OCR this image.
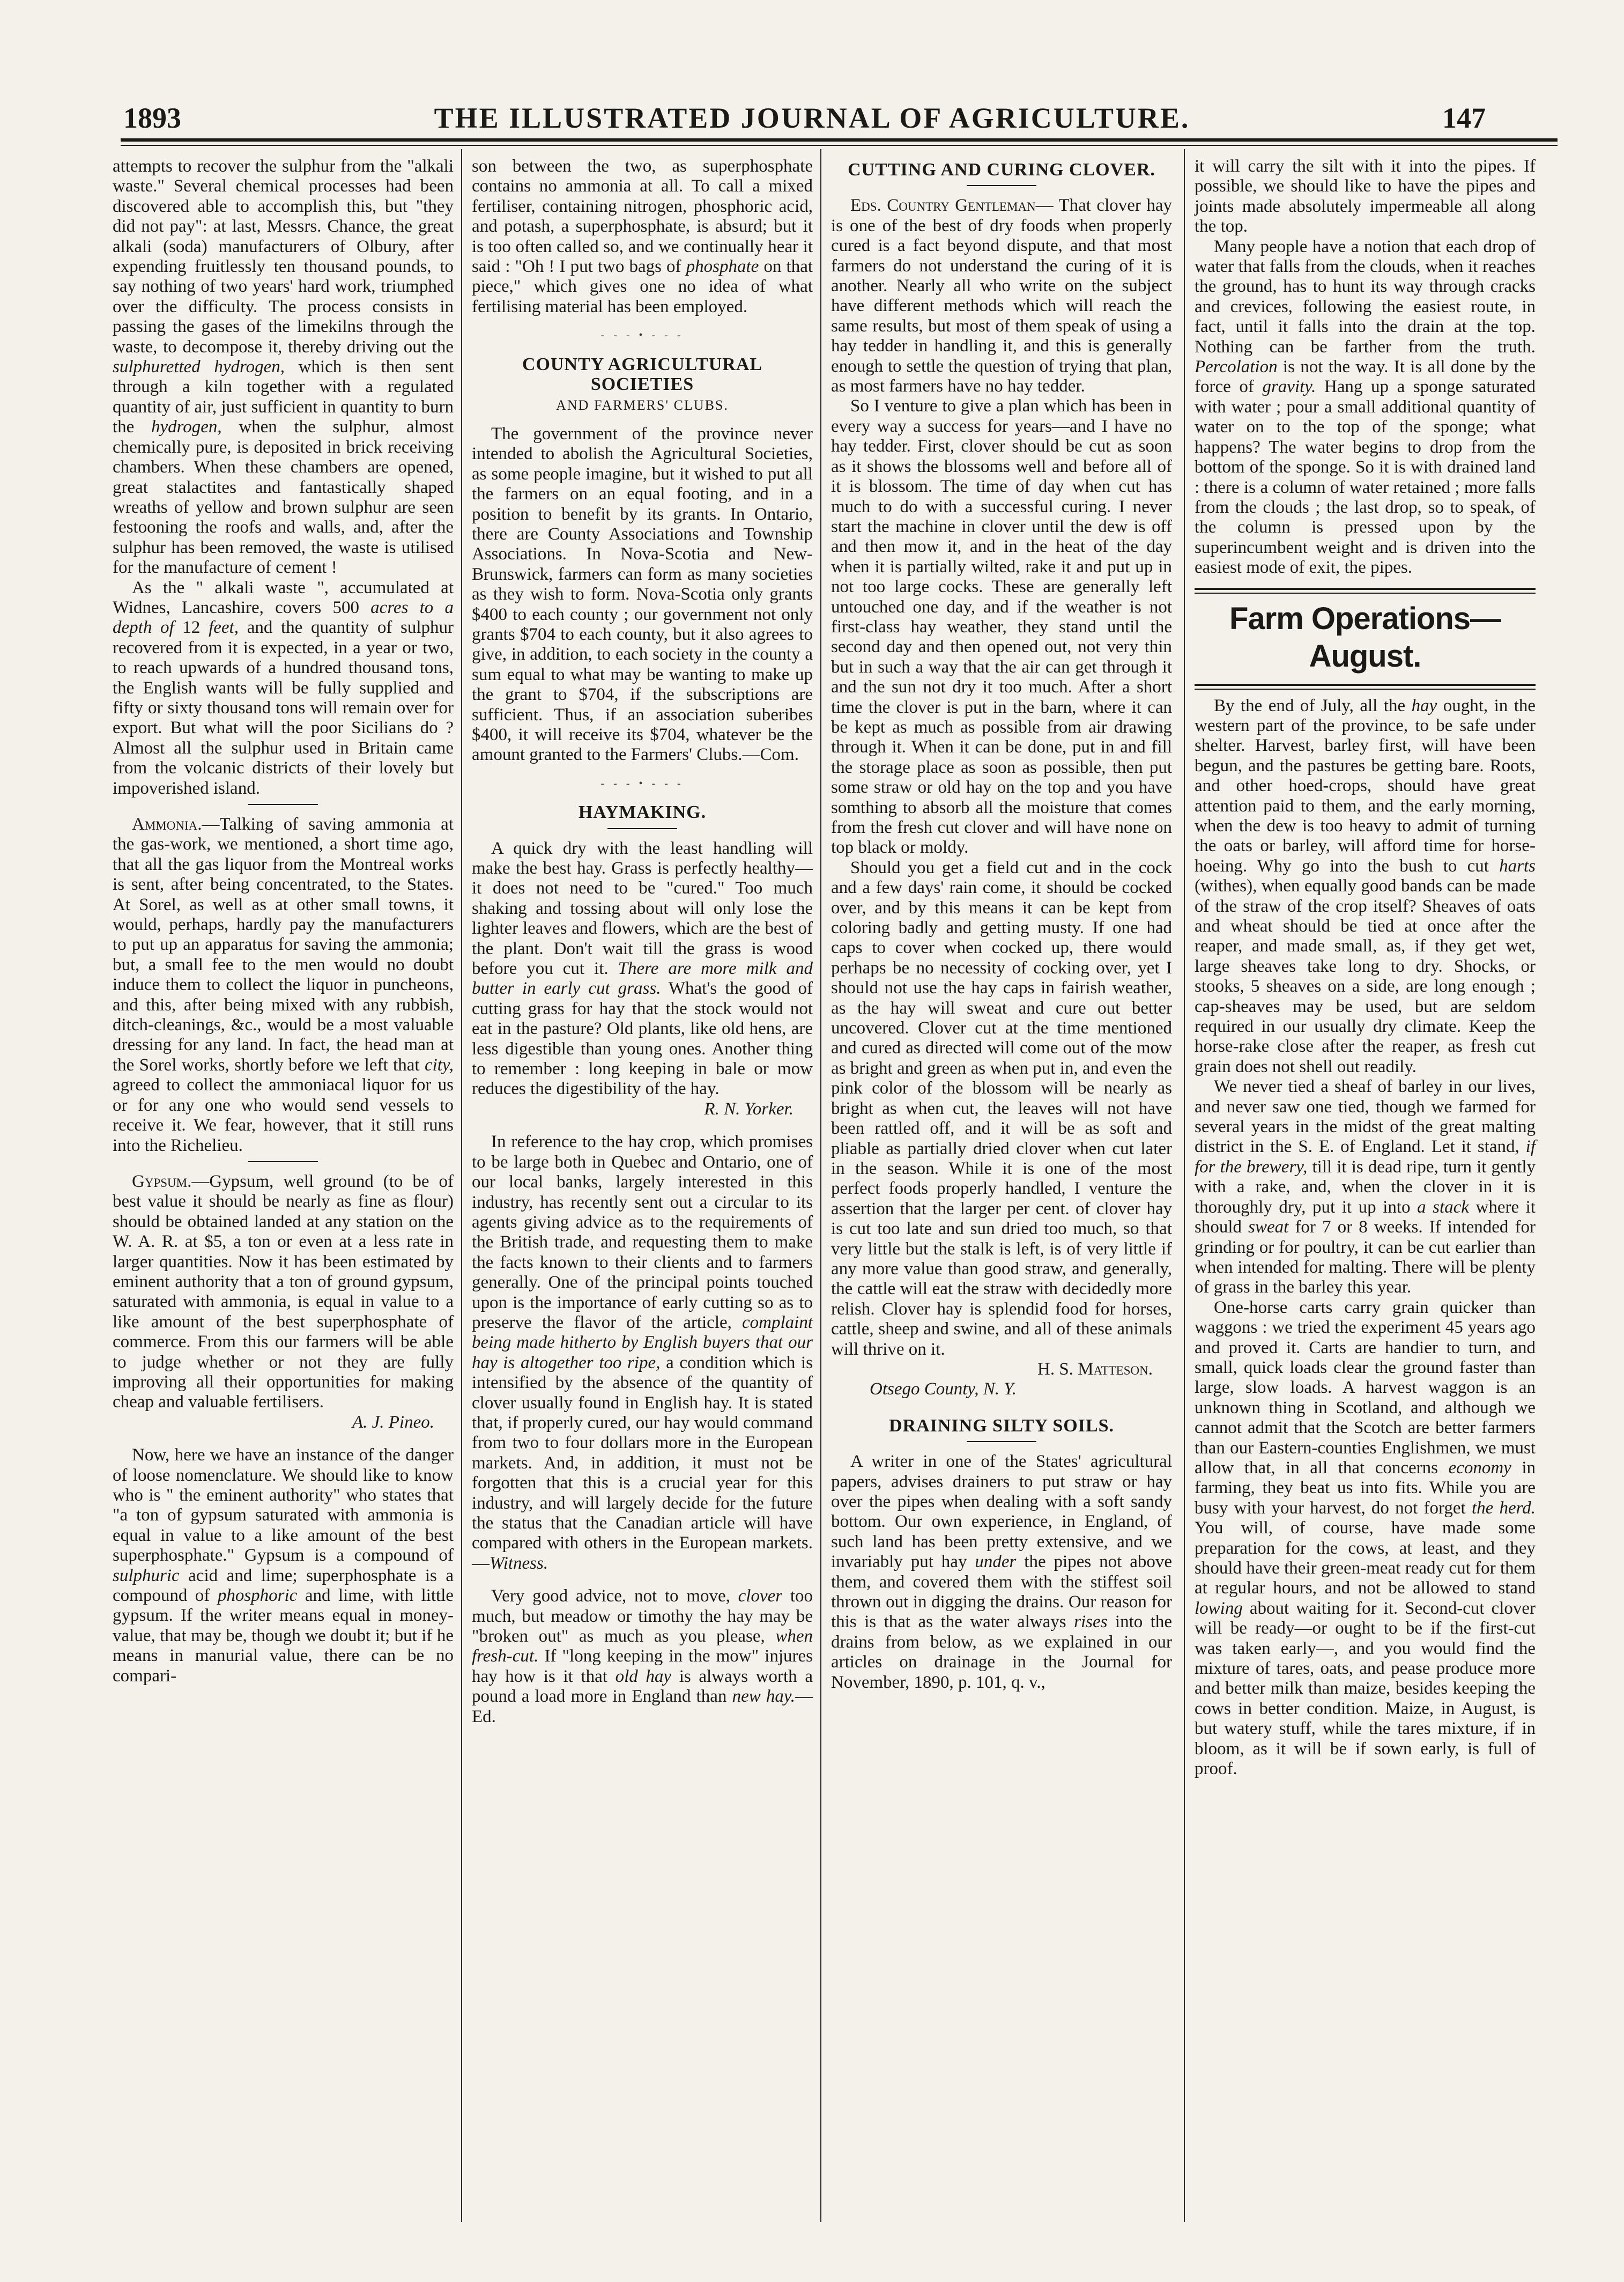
1893	THE ILLUSTRATED JOURNAL OF AGRICULTURE.	147

attempts to recover the sulphur from the "alkali waste." Several chemical processes had been discovered able to accomplish this, but "they did not pay": at last, Messrs. Chance, the great alkali (soda) manufacturers of Olbury, after expending fruitlessly ten thousand pounds, to say nothing of two years' hard work, triumphed over the difficulty. The process consists in passing the gases of the limekilns through the waste, to decompose it, thereby driving out the sulphuretted hydrogen, which is then sent through a kiln together with a regulated quantity of air, just sufficient in quantity to burn the hydrogen, when the sulphur, almost chemically pure, is deposited in brick receiving chambers. When these chambers are opened, great stalactites and fantastically shaped wreaths of yellow and brown sulphur are seen festooning the roofs and walls, and, after the sulphur has been removed, the waste is utilised for the manufacture of cement !

As the " alkali waste ", accumulated at Widnes, Lancashire, covers 500 acres to a depth of 12 feet, and the quantity of sulphur recovered from it is expected, in a year or two, to reach upwards of a hundred thousand tons, the English wants will be fully supplied and fifty or sixty thousand tons will remain over for export. But what will the poor Sicilians do ? Almost all the sulphur used in Britain came from the volcanic districts of their lovely but impoverished island.

Ammonia.—Talking of saving ammonia at the gas-work, we mentioned, a short time ago, that all the gas liquor from the Montreal works is sent, after being concentrated, to the States. At Sorel, as well as at other small towns, it would, perhaps, hardly pay the manufacturers to put up an apparatus for saving the ammonia; but, a small fee to the men would no doubt induce them to collect the liquor in puncheons, and this, after being mixed with any rubbish, ditch-cleanings, &c., would be a most valuable dressing for any land. In fact, the head man at the Sorel works, shortly before we left that city, agreed to collect the ammoniacal liquor for us or for any one who would send vessels to receive it. We fear, however, that it still runs into the Richelieu.

Gypsum.—Gypsum, well ground (to be of best value it should be nearly as fine as flour) should be obtained landed at any station on the W. A. R. at $5, a ton or even at a less rate in larger quantities. Now it has been estimated by eminent authority that a ton of ground gypsum, saturated with ammonia, is equal in value to a like amount of the best superphosphate of commerce. From this our farmers will be able to judge whether or not they are fully improving all their opportunities for making cheap and valuable fertilisers.

A. J. Pineo.

Now, here we have an instance of the danger of loose nomenclature. We should like to know who is " the eminent authority" who states that "a ton of gypsum saturated with ammonia is equal in value to a like amount of the best superphosphate." Gypsum is a compound of sulphuric acid and lime; superphosphate is a compound of phosphoric and lime, with little gypsum. If the writer means equal in money-value, that may be, though we doubt it; but if he means in manurial value, there can be no compari-

son between the two, as superphosphate contains no ammonia at all. To call a mixed fertiliser, containing nitrogen, phosphoric acid, and potash, a superphosphate, is absurd; but it is too often called so, and we continually hear it said : "Oh ! I put two bags of phosphate on that piece," which gives one no idea of what fertilising material has been employed.

- - - • - - -
COUNTY AGRICULTURAL SOCIETIES
AND FARMERS' CLUBS.

The government of the province never intended to abolish the Agricultural Societies, as some people imagine, but it wished to put all the farmers on an equal footing, and in a position to benefit by its grants. In Ontario, there are County Associations and Township Associations. In Nova-Scotia and New-Brunswick, farmers can form as many societies as they wish to form. Nova-Scotia only grants $400 to each county ; our government not only grants $704 to each county, but it also agrees to give, in addition, to each society in the county a sum equal to what may be wanting to make up the grant to $704, if the subscriptions are sufficient. Thus, if an association suberibes $400, it will receive its $704, whatever be the amount granted to the Farmers' Clubs.—Com.

- - - • - - -
HAYMAKING.

A quick dry with the least handling will make the best hay. Grass is perfectly healthy—it does not need to be "cured." Too much shaking and tossing about will only lose the lighter leaves and flowers, which are the best of the plant. Don't wait till the grass is wood before you cut it. There are more milk and butter in early cut grass. What's the good of cutting grass for hay that the stock would not eat in the pasture? Old plants, like old hens, are less digestible than young ones. Another thing to remember : long keeping in bale or mow reduces the digestibility of the hay.

R. N. Yorker.

In reference to the hay crop, which promises to be large both in Quebec and Ontario, one of our local banks, largely interested in this industry, has recently sent out a circular to its agents giving advice as to the requirements of the British trade, and requesting them to make the facts known to their clients and to farmers generally. One of the principal points touched upon is the importance of early cutting so as to preserve the flavor of the article, complaint being made hitherto by English buyers that our hay is altogether too ripe, a condition which is intensified by the absence of the quantity of clover usually found in English hay. It is stated that, if properly cured, our hay would command from two to four dollars more in the European markets. And, in addition, it must not be forgotten that this is a crucial year for this industry, and will largely decide for the future the status that the Canadian article will have compared with others in the European markets.—Witness.

Very good advice, not to move, clover too much, but meadow or timothy the hay may be "broken out" as much as you please, when fresh-cut. If "long keeping in the mow" injures hay how is it that old hay is always worth a pound a load more in England than new hay.—Ed.

CUTTING AND CURING CLOVER.

Eds. Country Gentleman— That clover hay is one of the best of dry foods when properly cured is a fact beyond dispute, and that most farmers do not understand the curing of it is another. Nearly all who write on the subject have different methods which will reach the same results, but most of them speak of using a hay tedder in handling it, and this is generally enough to settle the question of trying that plan, as most farmers have no hay tedder.

So I venture to give a plan which has been in every way a success for years—and I have no hay tedder. First, clover should be cut as soon as it shows the blossoms well and before all of it is blossom. The time of day when cut has much to do with a successful curing. I never start the machine in clover until the dew is off and then mow it, and in the heat of the day when it is partially wilted, rake it and put up in not too large cocks. These are generally left untouched one day, and if the weather is not first-class hay weather, they stand until the second day and then opened out, not very thin but in such a way that the air can get through it and the sun not dry it too much. After a short time the clover is put in the barn, where it can be kept as much as possible from air drawing through it. When it can be done, put in and fill the storage place as soon as possible, then put some straw or old hay on the top and you have somthing to absorb all the moisture that comes from the fresh cut clover and will have none on top black or moldy.

Should you get a field cut and in the cock and a few days' rain come, it should be cocked over, and by this means it can be kept from coloring badly and getting musty. If one had caps to cover when cocked up, there would perhaps be no necessity of cocking over, yet I should not use the hay caps in fairish weather, as the hay will sweat and cure out better uncovered. Clover cut at the time mentioned and cured as directed will come out of the mow as bright and green as when put in, and even the pink color of the blossom will be nearly as bright as when cut, the leaves will not have been rattled off, and it will be as soft and pliable as partially dried clover when cut later in the season. While it is one of the most perfect foods properly handled, I venture the assertion that the larger per cent. of clover hay is cut too late and sun dried too much, so that very little but the stalk is left, is of very little if any more value than good straw, and generally, the cattle will eat the straw with decidedly more relish. Clover hay is splendid food for horses, cattle, sheep and swine, and all of these animals will thrive on it.

H. S. Matteson.

Otsego County, N. Y.

DRAINING SILTY SOILS.

A writer in one of the States' agricultural papers, advises drainers to put straw or hay over the pipes when dealing with a soft sandy bottom. Our own experience, in England, of such land has been pretty extensive, and we invariably put hay under the pipes not above them, and covered them with the stiffest soil thrown out in digging the drains. Our reason for this is that as the water always rises into the drains from below, as we explained in our articles on drainage in the Journal for November, 1890, p. 101, q. v.,

it will carry the silt with it into the pipes. If possible, we should like to have the pipes and joints made absolutely impermeable all along the top.

Many people have a notion that each drop of water that falls from the clouds, when it reaches the ground, has to hunt its way through cracks and crevices, following the easiest route, in fact, until it falls into the drain at the top. Nothing can be farther from the truth. Percolation is not the way. It is all done by the force of gravity. Hang up a sponge saturated with water ; pour a small additional quantity of water on to the top of the sponge; what happens? The water begins to drop from the bottom of the sponge. So it is with drained land : there is a column of water retained ; more falls from the clouds ; the last drop, so to speak, of the column is pressed upon by the superincumbent weight and is driven into the easiest mode of exit, the pipes.

Farm Operations—August.

By the end of July, all the hay ought, in the western part of the province, to be safe under shelter. Harvest, barley first, will have been begun, and the pastures be getting bare. Roots, and other hoed-crops, should have great attention paid to them, and the early morning, when the dew is too heavy to admit of turning the oats or barley, will afford time for horse-hoeing. Why go into the bush to cut harts (withes), when equally good bands can be made of the straw of the crop itself? Sheaves of oats and wheat should be tied at once after the reaper, and made small, as, if they get wet, large sheaves take long to dry. Shocks, or stooks, 5 sheaves on a side, are long enough ; cap-sheaves may be used, but are seldom required in our usually dry climate. Keep the horse-rake close after the reaper, as fresh cut grain does not shell out readily.

We never tied a sheaf of barley in our lives, and never saw one tied, though we farmed for several years in the midst of the great malting district in the S. E. of England. Let it stand, if for the brewery, till it is dead ripe, turn it gently with a rake, and, when the clover in it is thoroughly dry, put it up into a stack where it should sweat for 7 or 8 weeks. If intended for grinding or for poultry, it can be cut earlier than when intended for malting. There will be plenty of grass in the barley this year.

One-horse carts carry grain quicker than waggons : we tried the experiment 45 years ago and proved it. Carts are handier to turn, and small, quick loads clear the ground faster than large, slow loads. A harvest waggon is an unknown thing in Scotland, and although we cannot admit that the Scotch are better farmers than our Eastern-counties Englishmen, we must allow that, in all that concerns economy in farming, they beat us into fits. While you are busy with your harvest, do not forget the herd. You will, of course, have made some preparation for the cows, at least, and they should have their green-meat ready cut for them at regular hours, and not be allowed to stand lowing about waiting for it. Second-cut clover will be ready—or ought to be if the first-cut was taken early—, and you would find the mixture of tares, oats, and pease produce more and better milk than maize, besides keeping the cows in better condition. Maize, in August, is but watery stuff, while the tares mixture, if in bloom, as it will be if sown early, is full of proof.
